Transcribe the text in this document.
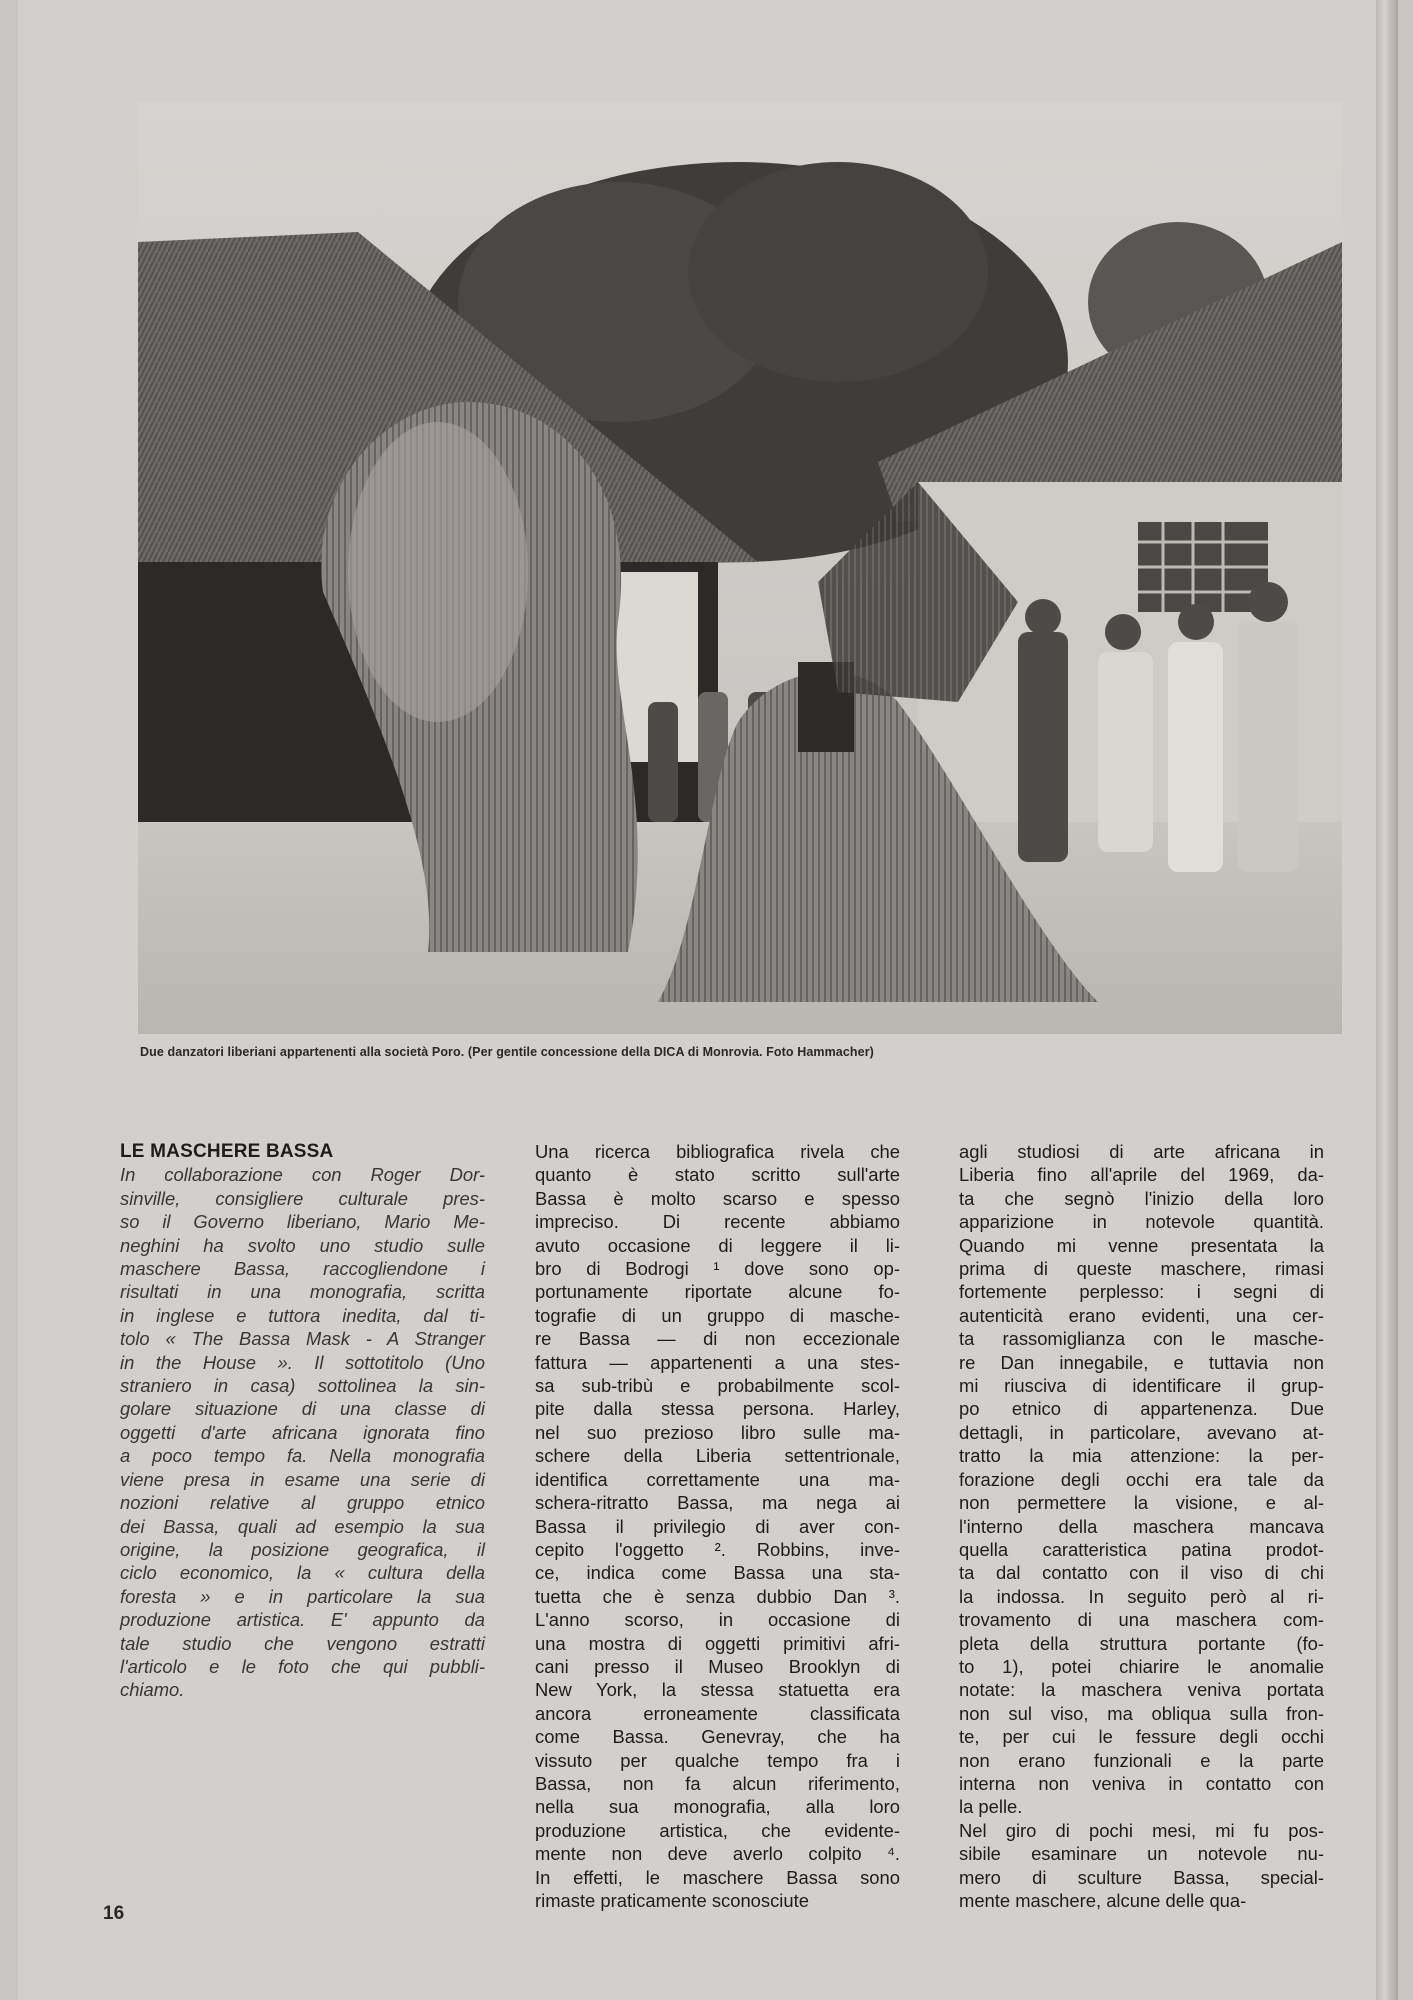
Due danzatori liberiani appartenenti alla società Poro. (Per gentile concessione della DICA di Monrovia. Foto Hammacher)

LE MASCHERE BASSA

In collaborazione con Roger Dor-
sinville, consigliere culturale pres-
so il Governo liberiano, Mario Me-
neghini ha svolto uno studio sulle
maschere Bassa, raccogliendone i
risultati in una monografia, scritta
in inglese e tuttora inedita, dal ti-
tolo « The Bassa Mask - A Stranger
in the House ». Il sottotitolo (Uno
straniero in casa) sottolinea la sin-
golare situazione di una classe di
oggetti d'arte africana ignorata fino
a poco tempo fa. Nella monografia
viene presa in esame una serie di
nozioni relative al gruppo etnico
dei Bassa, quali ad esempio la sua
origine, la posizione geografica, il
ciclo economico, la « cultura della
foresta » e in particolare la sua
produzione artistica. E' appunto da
tale studio che vengono estratti
l'articolo e le foto che qui pubbli-
chiamo.
Una ricerca bibliografica rivela che
quanto è stato scritto sull'arte
Bassa è molto scarso e spesso
impreciso. Di recente abbiamo
avuto occasione di leggere il li-
bro di Bodrogi ¹ dove sono op-
portunamente riportate alcune fo-
tografie di un gruppo di masche-
re Bassa — di non eccezionale
fattura — appartenenti a una stes-
sa sub-tribù e probabilmente scol-
pite dalla stessa persona. Harley,
nel suo prezioso libro sulle ma-
schere della Liberia settentrionale,
identifica correttamente una ma-
schera-ritratto Bassa, ma nega ai
Bassa il privilegio di aver con-
cepito l'oggetto ². Robbins, inve-
ce, indica come Bassa una sta-
tuetta che è senza dubbio Dan ³.
L'anno scorso, in occasione di
una mostra di oggetti primitivi afri-
cani presso il Museo Brooklyn di
New York, la stessa statuetta era
ancora erroneamente classificata
come Bassa. Genevray, che ha
vissuto per qualche tempo fra i
Bassa, non fa alcun riferimento,
nella sua monografia, alla loro
produzione artistica, che evidente-
mente non deve averlo colpito ⁴.
In effetti, le maschere Bassa sono
rimaste praticamente sconosciute
agli studiosi di arte africana in
Liberia fino all'aprile del 1969, da-
ta che segnò l'inizio della loro
apparizione in notevole quantità.
Quando mi venne presentata la
prima di queste maschere, rimasi
fortemente perplesso: i segni di
autenticità erano evidenti, una cer-
ta rassomiglianza con le masche-
re Dan innegabile, e tuttavia non
mi riusciva di identificare il grup-
po etnico di appartenenza. Due
dettagli, in particolare, avevano at-
tratto la mia attenzione: la per-
forazione degli occhi era tale da
non permettere la visione, e al-
l'interno della maschera mancava
quella caratteristica patina prodot-
ta dal contatto con il viso di chi
la indossa. In seguito però al ri-
trovamento di una maschera com-
pleta della struttura portante (fo-
to 1), potei chiarire le anomalie
notate: la maschera veniva portata
non sul viso, ma obliqua sulla fron-
te, per cui le fessure degli occhi
non erano funzionali e la parte
interna non veniva in contatto con
la pelle.
Nel giro di pochi mesi, mi fu pos-
sibile esaminare un notevole nu-
mero di sculture Bassa, special-
mente maschere, alcune delle qua-
16
